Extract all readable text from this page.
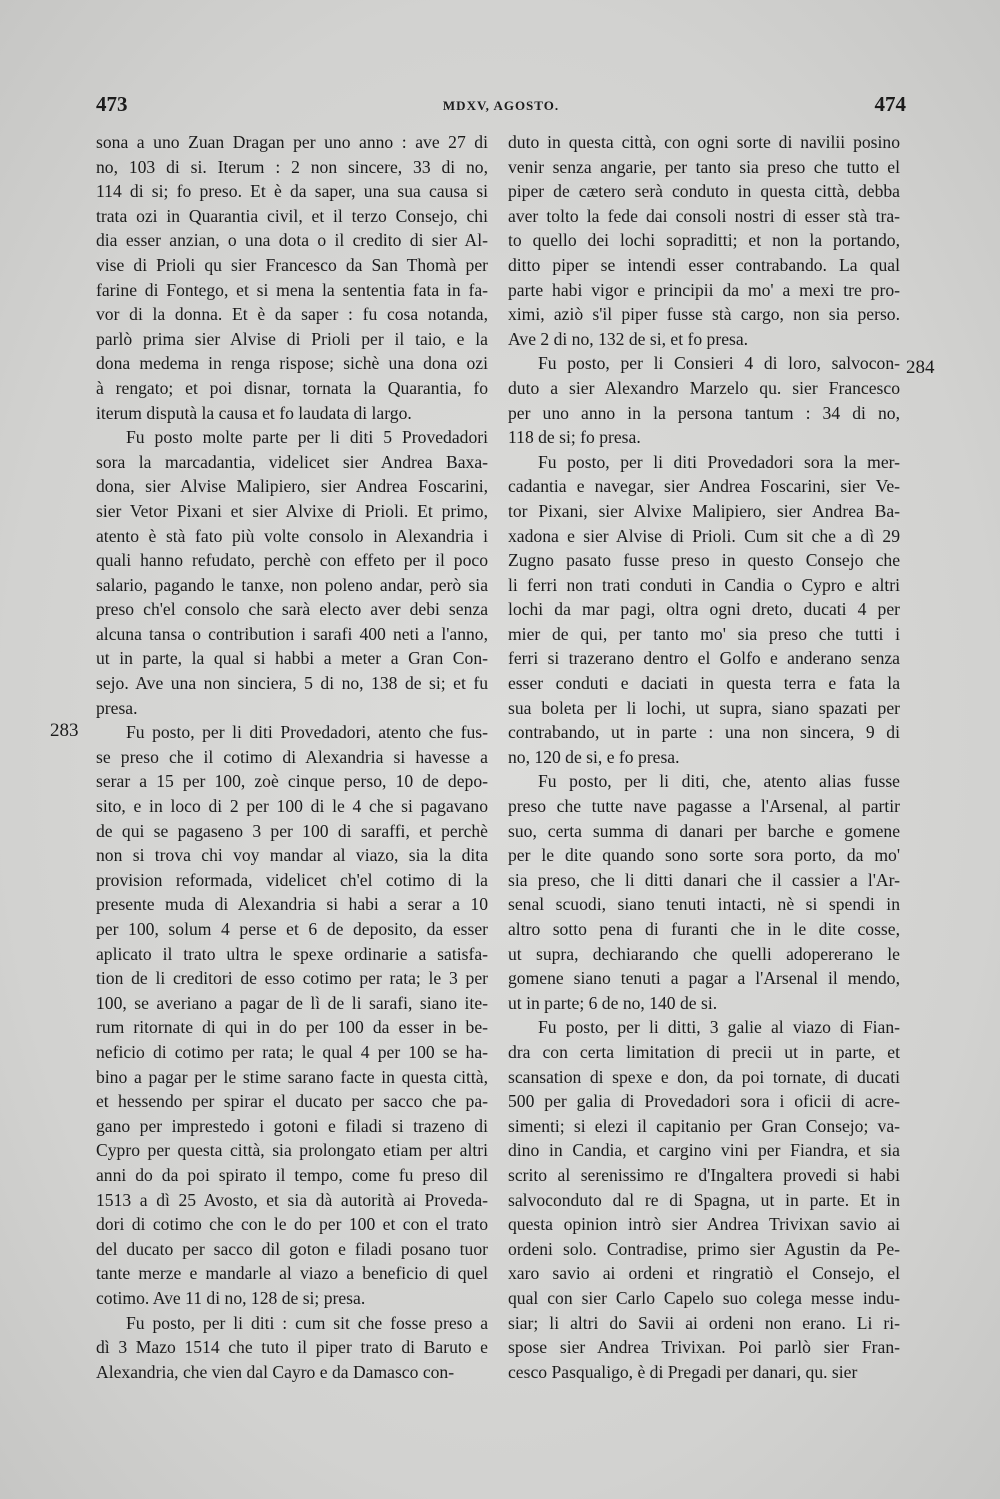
473	MDXV, AGOSTO.	474
283
284
sona a uno Zuan Dragan per uno anno : ave 27 di
no, 103 di si. Iterum : 2 non sincere, 33 di no,
114 di si; fo preso. Et è da saper, una sua causa si
trata ozi in Quarantia civil, et il terzo Consejo, chi
dia esser anzian, o una dota o il credito di sier Al-
vise di Prioli qu sier Francesco da San Thomà per
farine di Fontego, et si mena la sententia fata in fa-
vor di la donna. Et è da saper : fu cosa notanda,
parlò prima sier Alvise di Prioli per il taio, e la
dona medema in renga rispose; sichè una dona ozi
à rengato; et poi disnar, tornata la Quarantia, fo
iterum disputà la causa et fo laudata di largo.
Fu posto molte parte per li diti 5 Provedadori
sora la marcadantia, videlicet sier Andrea Baxa-
dona, sier Alvise Malipiero, sier Andrea Foscarini,
sier Vetor Pixani et sier Alvixe di Prioli. Et primo,
atento è stà fato più volte consolo in Alexandria i
quali hanno refudato, perchè con effeto per il poco
salario, pagando le tanxe, non poleno andar, però sia
preso ch'el consolo che sarà electo aver debi senza
alcuna tansa o contribution i sarafi 400 neti a l'anno,
ut in parte, la qual si habbi a meter a Gran Con-
sejo. Ave una non sinciera, 5 di no, 138 de si; et fu
presa.
Fu posto, per li diti Provedadori, atento che fus-
se preso che il cotimo di Alexandria si havesse a
serar a 15 per 100, zoè cinque perso, 10 de depo-
sito, e in loco di 2 per 100 di le 4 che si pagavano
de qui se pagaseno 3 per 100 di saraffi, et perchè
non si trova chi voy mandar al viazo, sia la dita
provision reformada, videlicet ch'el cotimo di la
presente muda di Alexandria si habi a serar a 10
per 100, solum 4 perse et 6 de deposito, da esser
aplicato il trato ultra le spexe ordinarie a satisfa-
tion de li creditori de esso cotimo per rata; le 3 per
100, se averiano a pagar de lì de li sarafi, siano ite-
rum ritornate di qui in do per 100 da esser in be-
neficio di cotimo per rata; le qual 4 per 100 se ha-
bino a pagar per le stime sarano facte in questa città,
et hessendo per spirar el ducato per sacco che pa-
gano per imprestedo i gotoni e filadi si trazeno di
Cypro per questa città, sia prolongato etiam per altri
anni do da poi spirato il tempo, come fu preso dil
1513 a dì 25 Avosto, et sia dà autorità ai Proveda-
dori di cotimo che con le do per 100 et con el trato
del ducato per sacco dil goton e filadi posano tuor
tante merze e mandarle al viazo a beneficio di quel
cotimo. Ave 11 di no, 128 de si; presa.
Fu posto, per li diti : cum sit che fosse preso a
dì 3 Mazo 1514 che tuto il piper trato di Baruto e
Alexandria, che vien dal Cayro e da Damasco con-
duto in questa città, con ogni sorte di navilii posino
venir senza angarie, per tanto sia preso che tutto el
piper de cætero serà conduto in questa città, debba
aver tolto la fede dai consoli nostri di esser stà tra-
to quello dei lochi sopraditti; et non la portando,
ditto piper se intendi esser contrabando. La qual
parte habi vigor e principii da mo' a mexi tre pro-
ximi, aziò s'il piper fusse stà cargo, non sia perso.
Ave 2 di no, 132 de si, et fo presa.
Fu posto, per li Consieri 4 di loro, salvocon-
duto a sier Alexandro Marzelo qu. sier Francesco
per uno anno in la persona tantum : 34 di no,
118 de si; fo presa.
Fu posto, per li diti Provedadori sora la mer-
cadantia e navegar, sier Andrea Foscarini, sier Ve-
tor Pixani, sier Alvixe Malipiero, sier Andrea Ba-
xadona e sier Alvise di Prioli. Cum sit che a dì 29
Zugno pasato fusse preso in questo Consejo che
li ferri non trati conduti in Candia o Cypro e altri
lochi da mar pagi, oltra ogni dreto, ducati 4 per
mier de qui, per tanto mo' sia preso che tutti i
ferri si trazerano dentro el Golfo e anderano senza
esser conduti e daciati in questa terra e fata la
sua boleta per li lochi, ut supra, siano spazati per
contrabando, ut in parte : una non sincera, 9 di
no, 120 de si, e fo presa.
Fu posto, per li diti, che, atento alias fusse
preso che tutte nave pagasse a l'Arsenal, al partir
suo, certa summa di danari per barche e gomene
per le dite quando sono sorte sora porto, da mo'
sia preso, che li ditti danari che il cassier a l'Ar-
senal scuodi, siano tenuti intacti, nè si spendi in
altro sotto pena di furanti che in le dite cosse,
ut supra, dechiarando che quelli adopererano le
gomene siano tenuti a pagar a l'Arsenal il mendo,
ut in parte; 6 de no, 140 de si.
Fu posto, per li ditti, 3 galie al viazo di Fian-
dra con certa limitation di precii ut in parte, et
scansation di spexe e don, da poi tornate, di ducati
500 per galia di Provedadori sora i oficii di acre-
simenti; si elezi il capitanio per Gran Consejo; va-
dino in Candia, et cargino vini per Fiandra, et sia
scrito al serenissimo re d'Ingaltera provedi si habi
salvoconduto dal re di Spagna, ut in parte. Et in
questa opinion intrò sier Andrea Trivixan savio ai
ordeni solo. Contradise, primo sier Agustin da Pe-
xaro savio ai ordeni et ringratiò el Consejo, el
qual con sier Carlo Capelo suo colega messe indu-
siar; li altri do Savii ai ordeni non erano. Li ri-
spose sier Andrea Trivixan. Poi parlò sier Fran-
cesco Pasqualigo, è di Pregadi per danari, qu. sier
